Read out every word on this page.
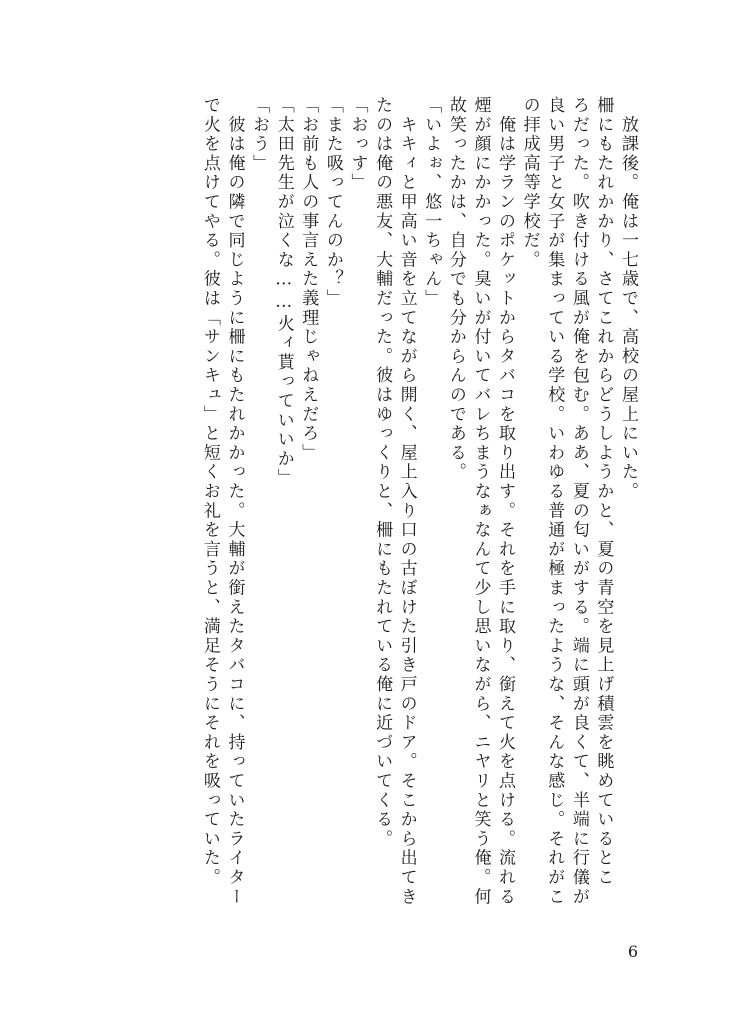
　放課後。俺は一七歳で、高校の屋上にいた。

柵にもたれかかり、さてこれからどうしようかと、夏の青空を見上げ積雲を眺めているとこ

ろだった。吹き付ける風が俺を包む。ああ、夏の匂いがする。端に頭が良くて、半端に行儀が

良い男子と女子が集まっている学校。いわゆる普通が極まったような、そんな感じ。それがこ

の拝成高等学校だ。

　俺は学ランのポケットからタバコを取り出す。それを手に取り、銜えて火を点ける。流れる

煙が顔にかかった。臭いが付いてバレちまうなぁなんて少し思いながら、ニヤリと笑う俺。何

故笑ったかは、自分でも分からんのである。

「いよぉ、悠一ちゃん」

　キキィと甲高い音を立てながら開く、屋上入り口の古ぼけた引き戸のドア。そこから出てき

たのは俺の悪友、大輔だった。彼はゆっくりと、柵にもたれている俺に近づいてくる。

「おっす」

「また吸ってんのか？」

「お前も人の事言えた義理じゃねえだろ」

「太田先生が泣くな……火ィ貰っていいか」

「おう」

　彼は俺の隣で同じように柵にもたれかかった。大輔が銜えたタバコに、持っていたライター

で火を点けてやる。彼は「サンキュ」と短くお礼を言うと、満足そうにそれを吸っていた。

6
